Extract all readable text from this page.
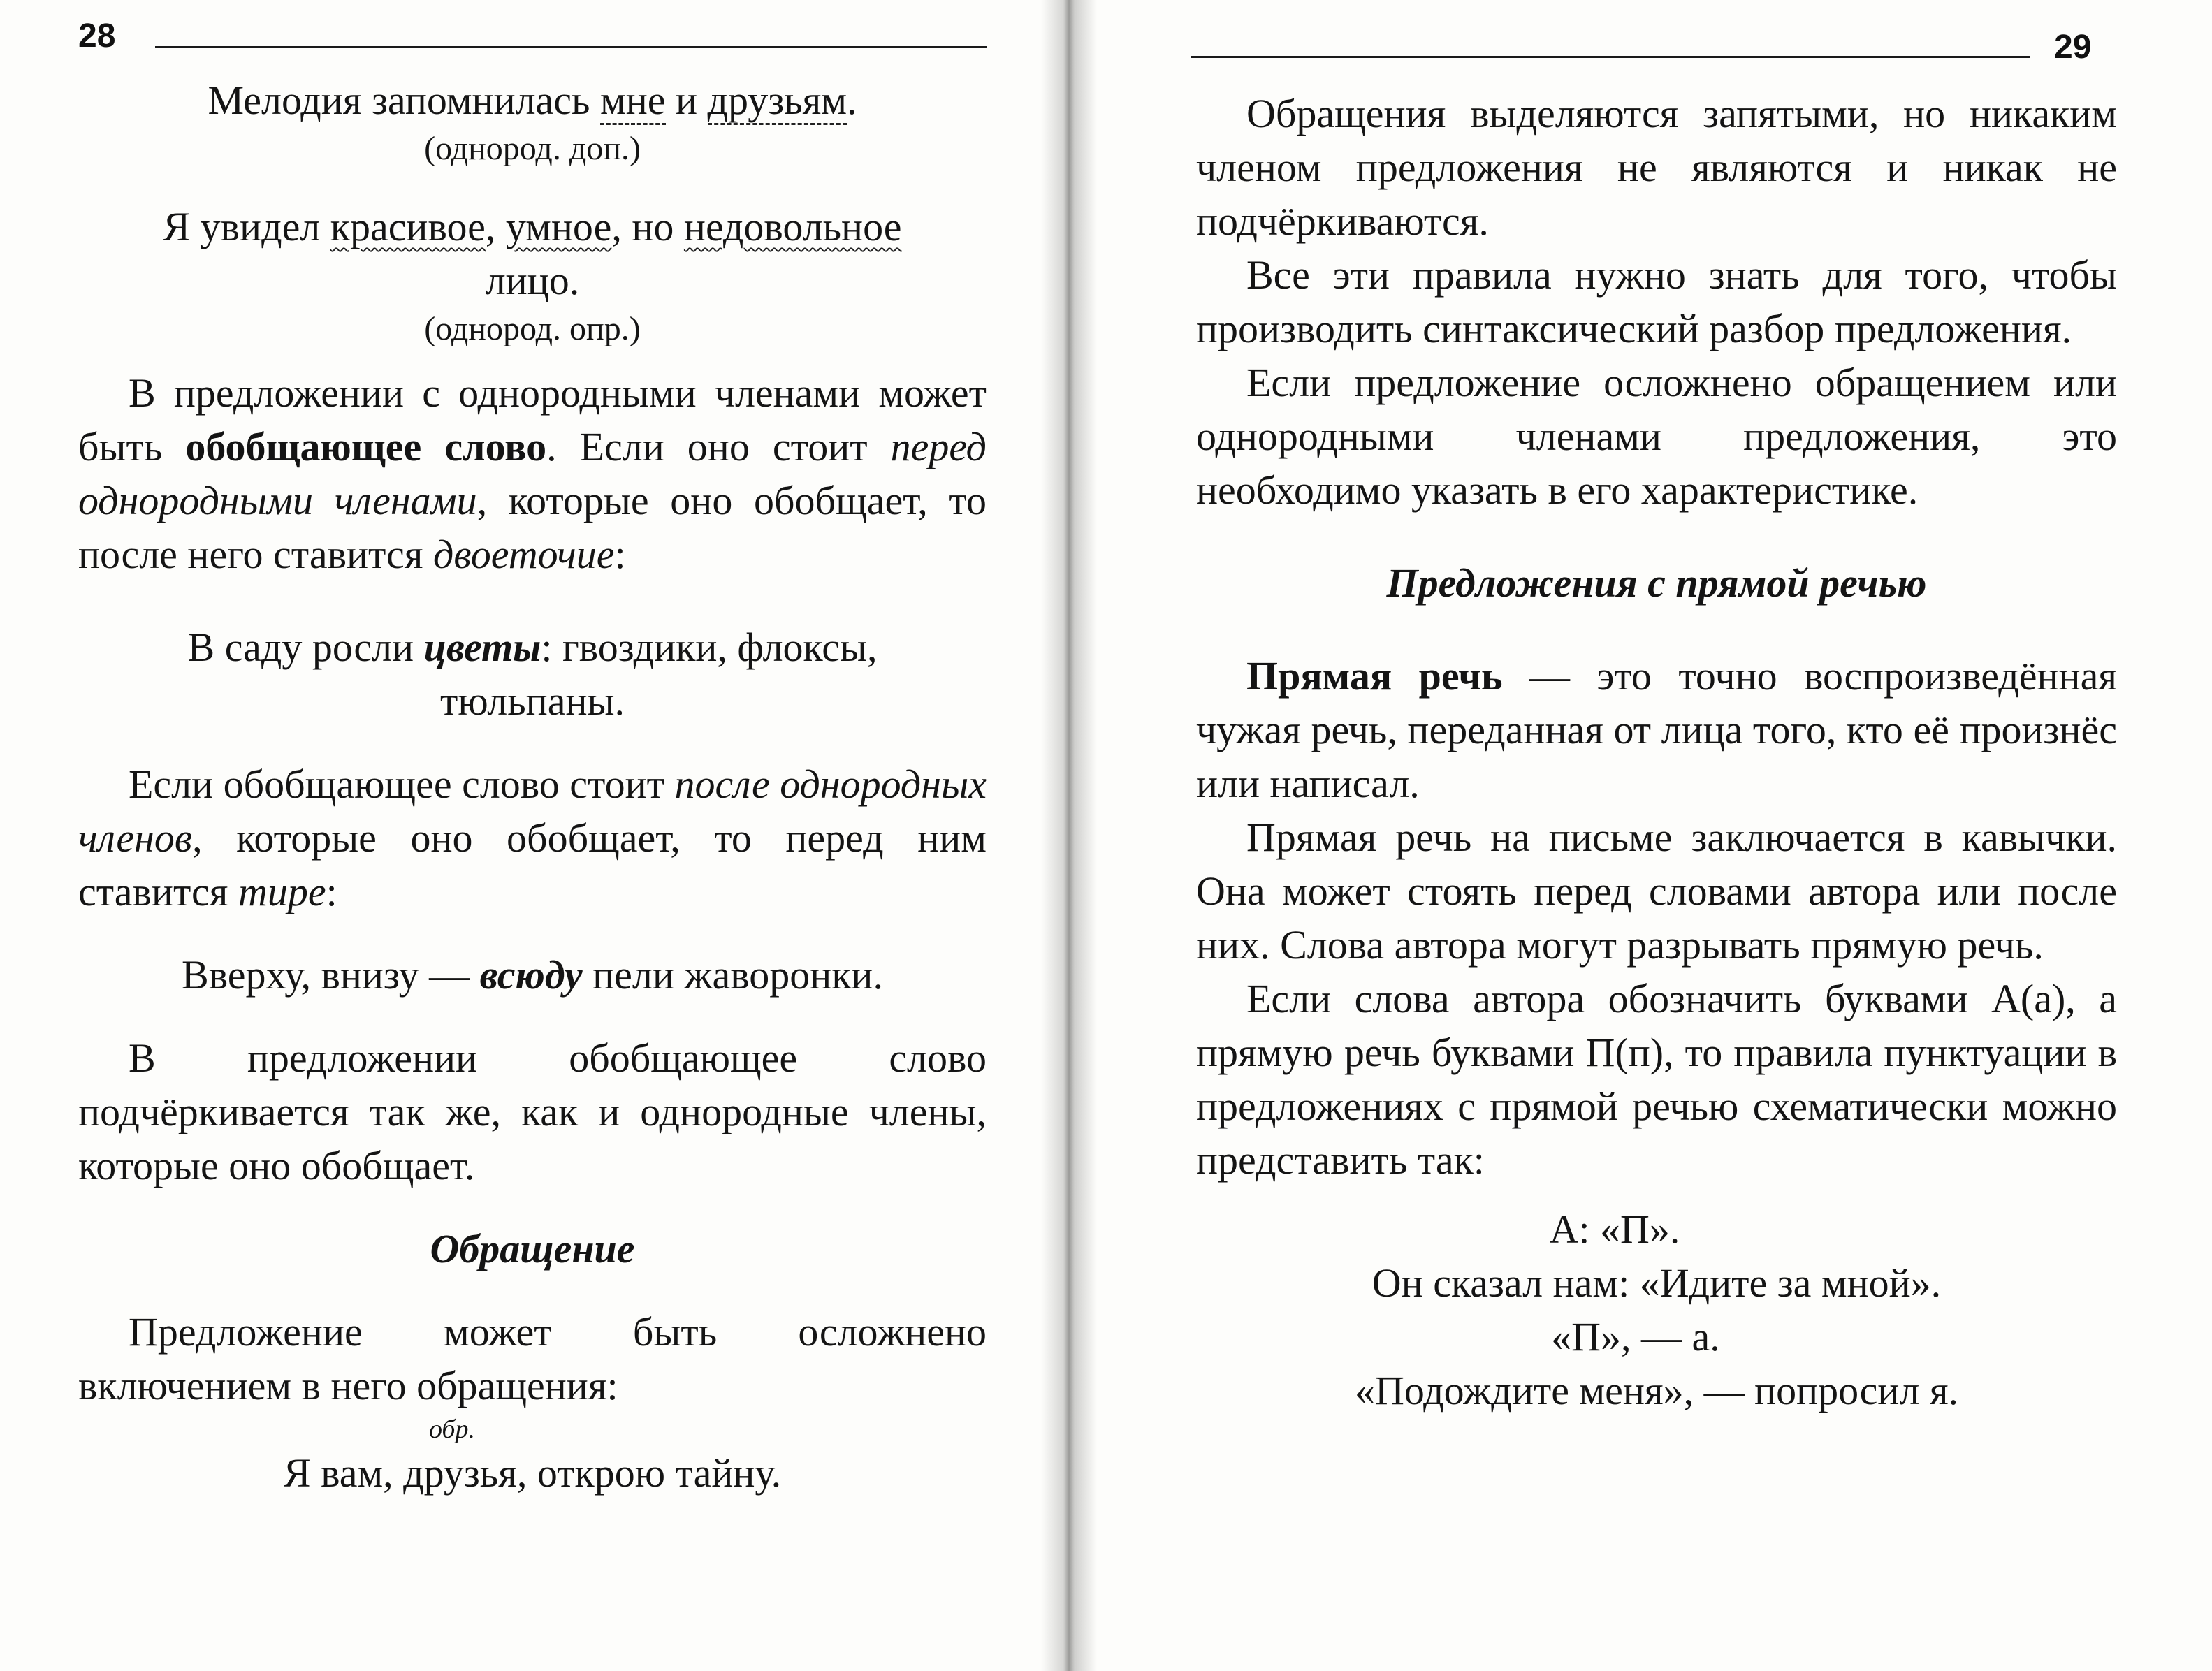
28

Мелодия запомнилась мне и друзьям.

(однород. доп.)

Я увидел красивое, умное, но недовольное

лицо.

(однород. опр.)

В предложении с однородными членами может быть обобщающее слово. Если оно стоит перед однородными членами, которые оно обобщает, то после него ставится двоеточие:

В саду росли цветы: гвоздики, флоксы,

тюльпаны.

Если обобщающее слово стоит после однородных членов, которые оно обобщает, то перед ним ставится тире:

Вверху, внизу — всюду пели жаворонки.

В предложении обобщающее слово подчёркивается так же, как и однородные члены, которые оно обобщает.

Обращение

Предложение может быть осложнено включением в него обращения:

обр.

Я вам, друзья, открою тайну.

29

Обращения выделяются запятыми, но никаким членом предложения не являются и никак не подчёркиваются.

Все эти правила нужно знать для того, чтобы производить синтаксический разбор предложения.

Если предложение осложнено обращением или однородными членами предложения, это необходимо указать в его характеристике.

Предложения с прямой речью

Прямая речь — это точно воспроизведённая чужая речь, переданная от лица того, кто её произнёс или написал.

Прямая речь на письме заключается в кавычки. Она может стоять перед словами автора или после них. Слова автора могут разрывать прямую речь.

Если слова автора обозначить буквами А(а), а прямую речь буквами П(п), то правила пунктуации в предложениях с прямой речью схематически можно представить так:

А: «П».

Он сказал нам: «Идите за мной».

«П», — а.

«Подождите меня», — попросил я.
